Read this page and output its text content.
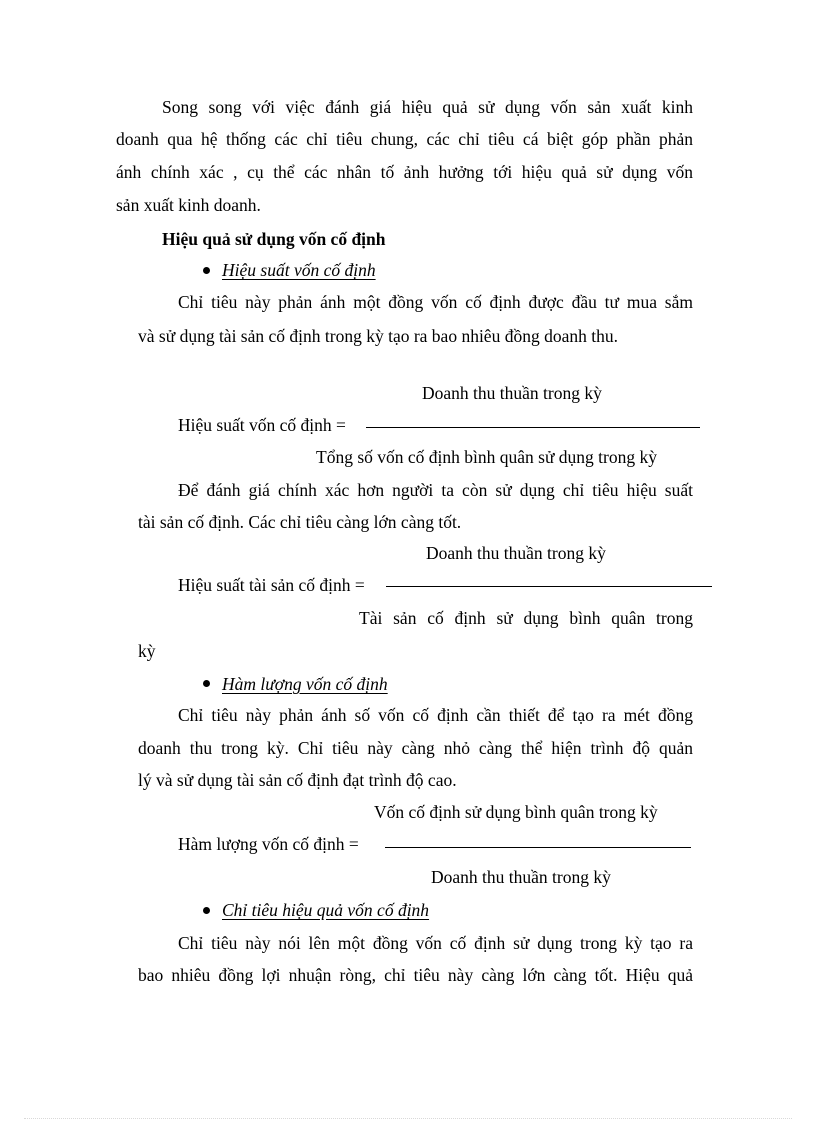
Song song với việc đánh giá hiệu quả sử dụng vốn sản xuất kinh
doanh qua hệ thống các chỉ tiêu chung, các chỉ tiêu cá biệt góp phần phản
ánh chính xác , cụ thể các nhân tố ảnh hưởng tới hiệu quả sử dụng vốn
sản xuất kinh doanh.
Hiệu quả sử dụng vốn cố định
Hiệu suất vốn cố định
Chỉ tiêu này phản ánh một đồng vốn cố định được đầu tư mua sắm
và sử dụng tài sản cố định trong kỳ tạo ra bao nhiêu đồng doanh thu.
Doanh thu thuần trong kỳ
Hiệu suất vốn cố định =
Tổng số vốn cố định bình quân sử dụng trong kỳ
Để đánh giá chính xác hơn người ta còn sử dụng chỉ tiêu hiệu suất
tài sản cố định. Các chỉ tiêu càng lớn càng tốt.
Doanh thu thuần trong kỳ
Hiệu suất tài sản cố định =
Tài sản cố định sử dụng bình quân trong
kỳ
Hàm lượng vốn cố định
Chỉ tiêu này phản ánh số vốn cố định cần thiết để tạo ra mét đồng
doanh thu trong kỳ. Chỉ tiêu này càng nhỏ càng thể hiện trình độ quản
lý và sử dụng tài sản cố định đạt trình độ cao.
Vốn cố định sử dụng bình quân trong kỳ
Hàm lượng vốn cố định =
Doanh thu thuần trong kỳ
Chỉ tiêu hiệu quả vốn cố định
Chỉ tiêu này nói lên một đồng vốn cố định sử dụng trong kỳ tạo ra
bao nhiêu đồng lợi nhuận ròng, chỉ tiêu này càng lớn càng tốt. Hiệu quả
